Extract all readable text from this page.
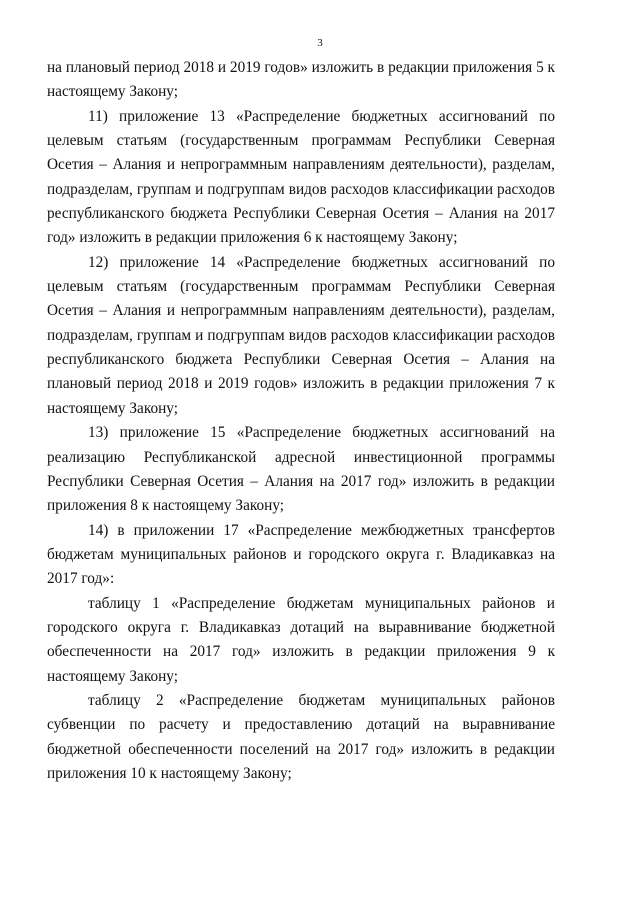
3

на плановый период 2018 и 2019 годов» изложить в редакции приложения 5 к настоящему Закону;

11) приложение 13 «Распределение бюджетных ассигнований по целевым статьям (государственным программам Республики Северная Осетия – Алания и непрограммным направлениям деятельности), разделам, подразделам, группам и подгруппам видов расходов классификации расходов республиканского бюджета Республики Северная Осетия – Алания на 2017 год» изложить в редакции приложения 6 к настоящему Закону;

12) приложение 14 «Распределение бюджетных ассигнований по целевым статьям (государственным программам Республики Северная Осетия – Алания и непрограммным направлениям деятельности), разделам, подразделам, группам и подгруппам видов расходов классификации расходов республиканского бюджета Республики Северная Осетия – Алания на плановый период 2018 и 2019 годов» изложить в редакции приложения 7 к настоящему Закону;

13) приложение 15 «Распределение бюджетных ассигнований на реализацию Республиканской адресной инвестиционной программы Республики Северная Осетия – Алания на 2017 год» изложить в редакции приложения 8 к настоящему Закону;

14) в приложении 17 «Распределение межбюджетных трансфертов бюджетам муниципальных районов и городского округа г. Владикавказ на 2017 год»:

таблицу 1 «Распределение бюджетам муниципальных районов и городского округа г. Владикавказ дотаций на выравнивание бюджетной обеспеченности на 2017 год» изложить в редакции приложения 9 к настоящему Закону;

таблицу 2 «Распределение бюджетам муниципальных районов субвенции по расчету и предоставлению дотаций на выравнивание бюджетной обеспеченности поселений на 2017 год» изложить в редакции приложения 10 к настоящему Закону;
